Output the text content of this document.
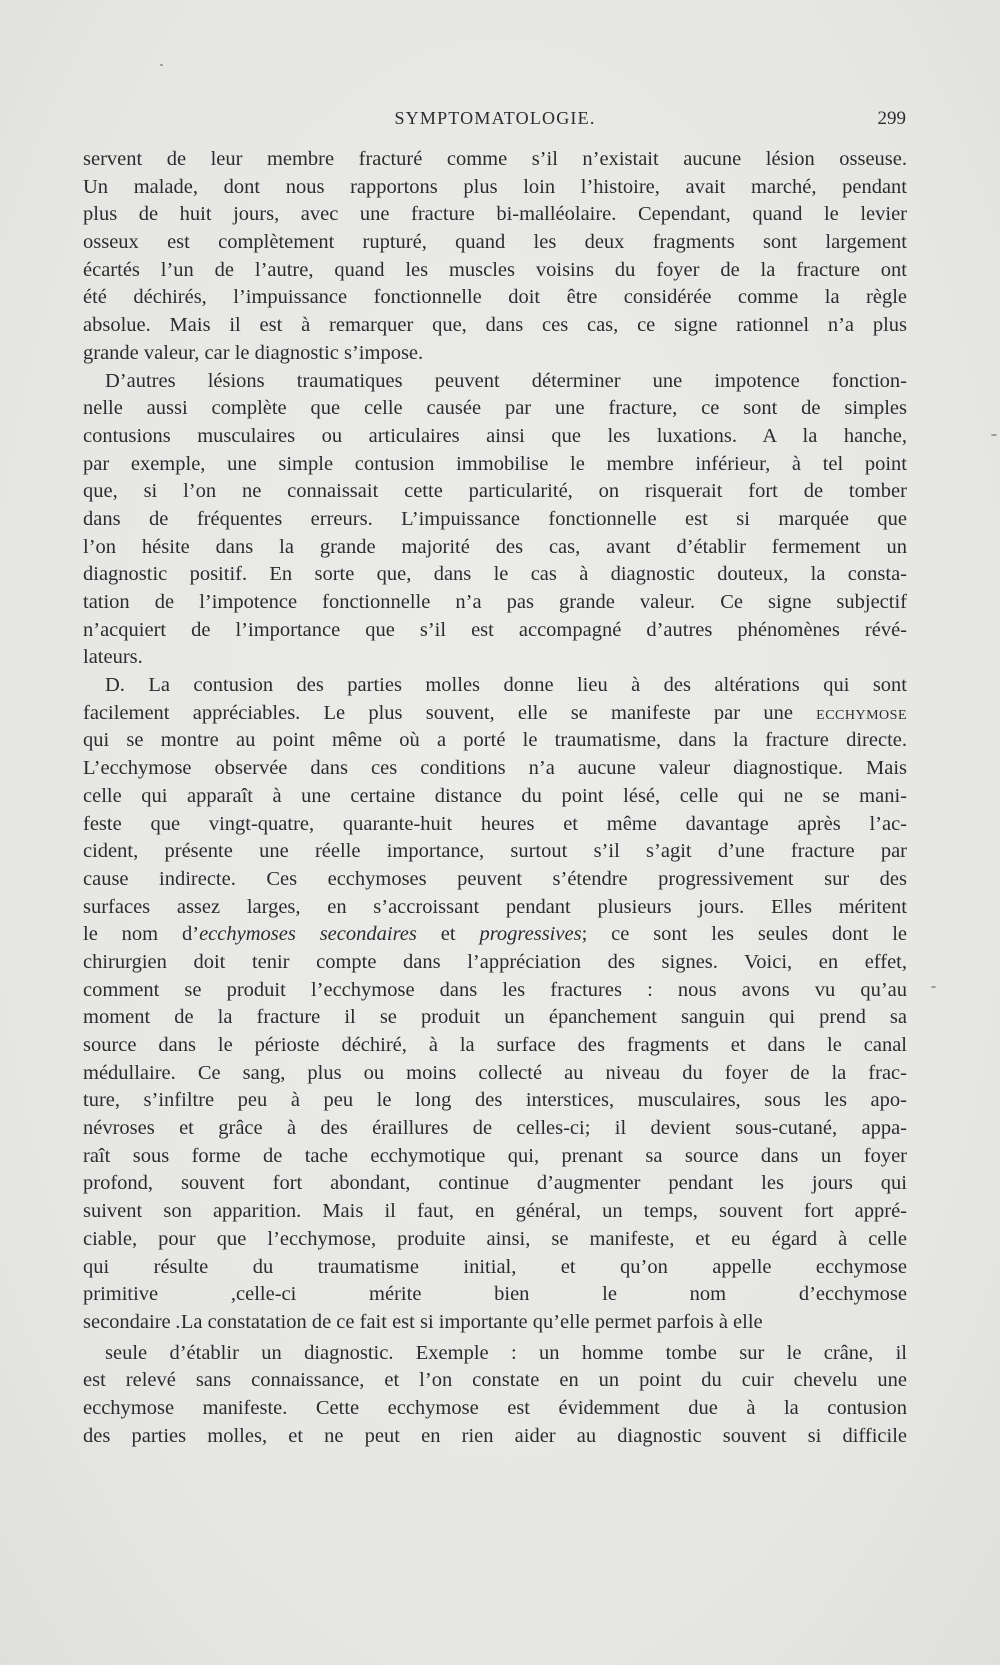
SYMPTOMATOLOGIE.	299
servent de leur membre fracturé comme s’il n’existait aucune lésion osseuse.
Un malade, dont nous rapportons plus loin l’histoire, avait marché, pendant
plus de huit jours, avec une fracture bi-malléolaire. Cependant, quand le levier
osseux est complètement rupturé, quand les deux fragments sont largement
écartés l’un de l’autre, quand les muscles voisins du foyer de la fracture ont
été déchirés, l’impuissance fonctionnelle doit être considérée comme la règle
absolue. Mais il est à remarquer que, dans ces cas, ce signe rationnel n’a plus
grande valeur, car le diagnostic s’impose.
D’autres lésions traumatiques peuvent déterminer une impotence fonction-
nelle aussi complète que celle causée par une fracture, ce sont de simples
contusions musculaires ou articulaires ainsi que les luxations. A la hanche,
par exemple, une simple contusion immobilise le membre inférieur, à tel point
que, si l’on ne connaissait cette particularité, on risquerait fort de tomber
dans de fréquentes erreurs. L’impuissance fonctionnelle est si marquée que
l’on hésite dans la grande majorité des cas, avant d’établir fermement un
diagnostic positif. En sorte que, dans le cas à diagnostic douteux, la consta-
tation de l’impotence fonctionnelle n’a pas grande valeur. Ce signe subjectif
n’acquiert de l’importance que s’il est accompagné d’autres phénomènes révé-
lateurs.
D. La contusion des parties molles donne lieu à des altérations qui sont
facilement appréciables. Le plus souvent, elle se manifeste par une ecchymose
qui se montre au point même où a porté le traumatisme, dans la fracture directe.
L’ecchymose observée dans ces conditions n’a aucune valeur diagnostique. Mais
celle qui apparaît à une certaine distance du point lésé, celle qui ne se mani-
feste que vingt-quatre, quarante-huit heures et même davantage après l’ac-
cident, présente une réelle importance, surtout s’il s’agit d’une fracture par
cause indirecte. Ces ecchymoses peuvent s’étendre progressivement sur des
surfaces assez larges, en s’accroissant pendant plusieurs jours. Elles méritent
le nom d’ecchymoses secondaires et progressives; ce sont les seules dont le
chirurgien doit tenir compte dans l’appréciation des signes. Voici, en effet,
comment se produit l’ecchymose dans les fractures : nous avons vu qu’au
moment de la fracture il se produit un épanchement sanguin qui prend sa
source dans le périoste déchiré, à la surface des fragments et dans le canal
médullaire. Ce sang, plus ou moins collecté au niveau du foyer de la frac-
ture, s’infiltre peu à peu le long des interstices, musculaires, sous les apo-
névroses et grâce à des éraillures de celles-ci; il devient sous-cutané, appa-
raît sous forme de tache ecchymotique qui, prenant sa source dans un foyer
profond, souvent fort abondant, continue d’augmenter pendant les jours qui
suivent son apparition. Mais il faut, en général, un temps, souvent fort appré-
ciable, pour que l’ecchymose, produite ainsi, se manifeste, et eu égard à celle
qui résulte du traumatisme initial, et qu’on appelle ecchymose
primitive	,celle-ci mérite bien le nom d’ecchymose
secondaire .La constatation de ce fait est si importante qu’elle permet parfois à elle
seule d’établir un diagnostic. Exemple : un homme tombe sur le crâne, il
est relevé sans connaissance, et l’on constate en un point du cuir chevelu une
ecchymose manifeste. Cette ecchymose est évidemment due à la contusion
des parties molles, et ne peut en rien aider au diagnostic souvent si difficile
